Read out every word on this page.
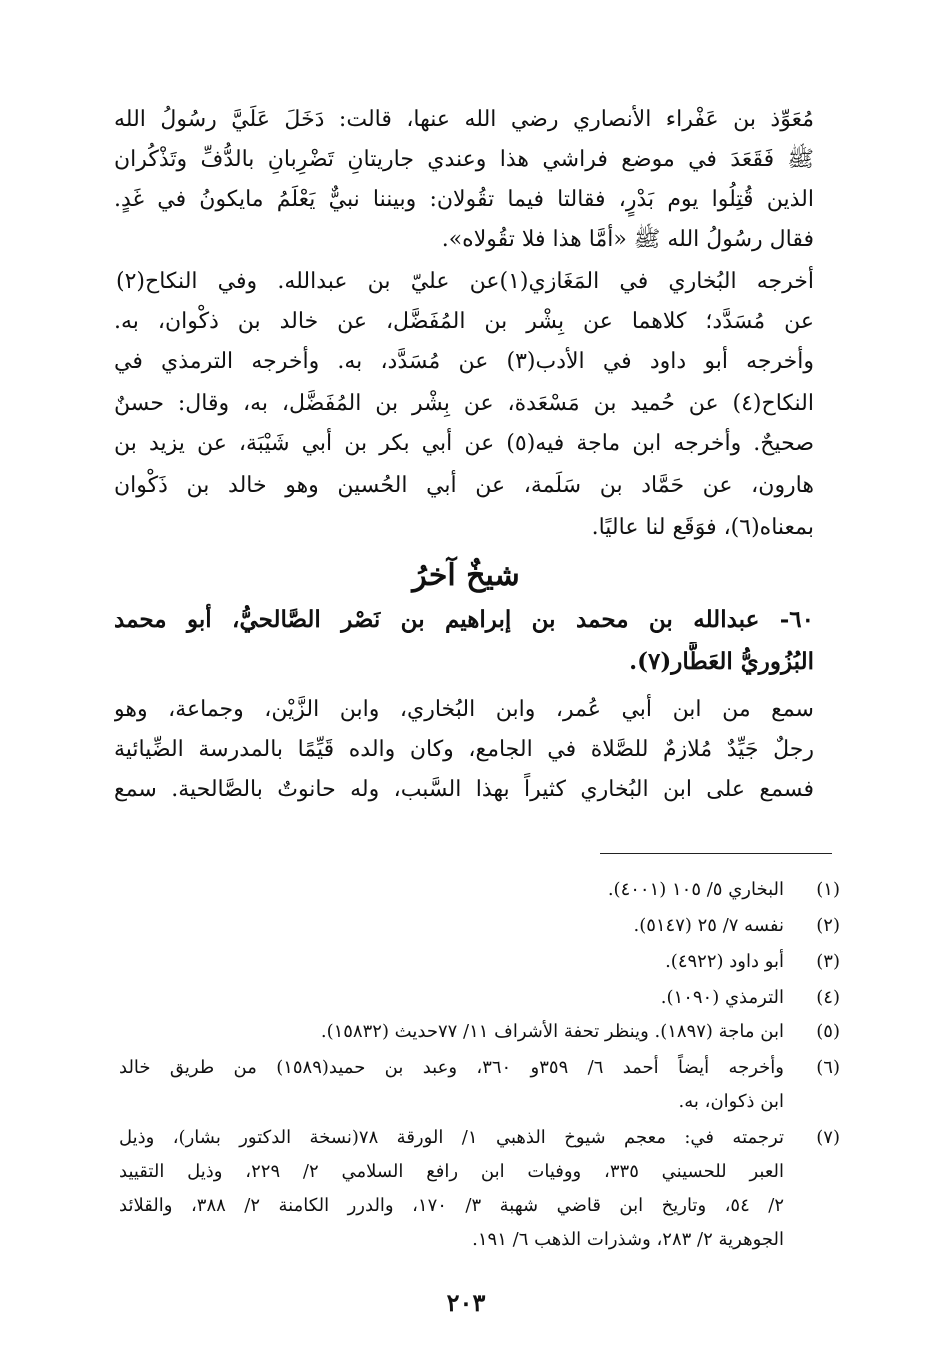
مُعَوِّذ بن عَفْراء الأنصاري رضي الله عنها، قالت: دَخَلَ عَلَيَّ رسُولُ الله
ﷺ فَقَعَدَ في موضع فراشي هذا وعندي جاريتانِ تَضْرِبانِ بالدُّفِّ وتَذْكُران
الذين قُتِلُوا يوم بَدْرٍ، فقالتا فيما تقُولان: وبيننا نبيٌّ يَعْلَمُ مايكونُ في غَدٍ.
فقال رسُولُ الله ﷺ «أمَّا هذا فلا تقُولاه».
أخرجه البُخاري في المَغَازي(١)عن عليّ بن عبدالله. وفي النكاح(٢)
عن مُسَدَّد؛ كلاهما عن بِشْر بن المُفَضَّل، عن خالد بن ذكْوان، به.
وأخرجه أبو داود في الأدب(٣) عن مُسَدَّد، به. وأخرجه الترمذي في
النكاح(٤) عن حُميد بن مَسْعَدة، عن بِشْر بن المُفَضَّل، به، وقال: حسنٌ
صحيحٌ. وأخرجه ابن ماجة فيه(٥) عن أبي بكر بن أبي شَيْبَة، عن يزيد بن
هارون، عن حَمَّاد بن سَلَمة، عن أبي الحُسين وهو خالد بن ذَكْوان
بمعناه(٦)، فوَقَع لنا عاليًا.
شيخٌ آخرُ
٦٠- عبدالله بن محمد بن إبراهيم بن نَصْر الصَّالحيُّ، أبو محمد
البُزُوريُّ العَطَّار(٧).
سمع من ابن أبي عُمر، وابن البُخاري، وابن الزَّيْن، وجماعة، وهو
رجلٌ جَيِّدٌ مُلازمٌ للصَّلاة في الجامع، وكان والده قَيِّمًا بالمدرسة الضِّيائية
فسمع على ابن البُخاري كثيراً بهذا السَّبب، وله حانوتٌ بالصَّالحية. سمع
(١)
البخاري ٥/ ١٠٥ (٤٠٠١).
(٢)
نفسه ٧/ ٢٥ (٥١٤٧).
(٣)
أبو داود (٤٩٢٢).
(٤)
الترمذي (١٠٩٠).
(٥)
ابن ماجة (١٨٩٧). وينظر تحفة الأشراف ١١/ ٧٧حديث (١٥٨٣٢).
(٦)
وأخرجه أيضاً أحمد ٦/ ٣٥٩و ٣٦٠، وعبد بن حميد(١٥٨٩) من طريق خالد
ابن ذكوان، به.
(٧)
ترجمته في: معجم شيوخ الذهبي ١/ الورقة ٧٨(نسخة الدكتور بشار)، وذيل
العبر للحسيني ٣٣٥، ووفيات ابن رافع السلامي ٢/ ٢٢٩، وذيل التقييد
٢/ ٥٤، وتاريخ ابن قاضي شهبة ٣/ ١٧٠، والدرر الكامنة ٢/ ٣٨٨، والقلائد
الجوهرية ٢/ ٢٨٣، وشذرات الذهب ٦/ ١٩١.
٢٠٣
